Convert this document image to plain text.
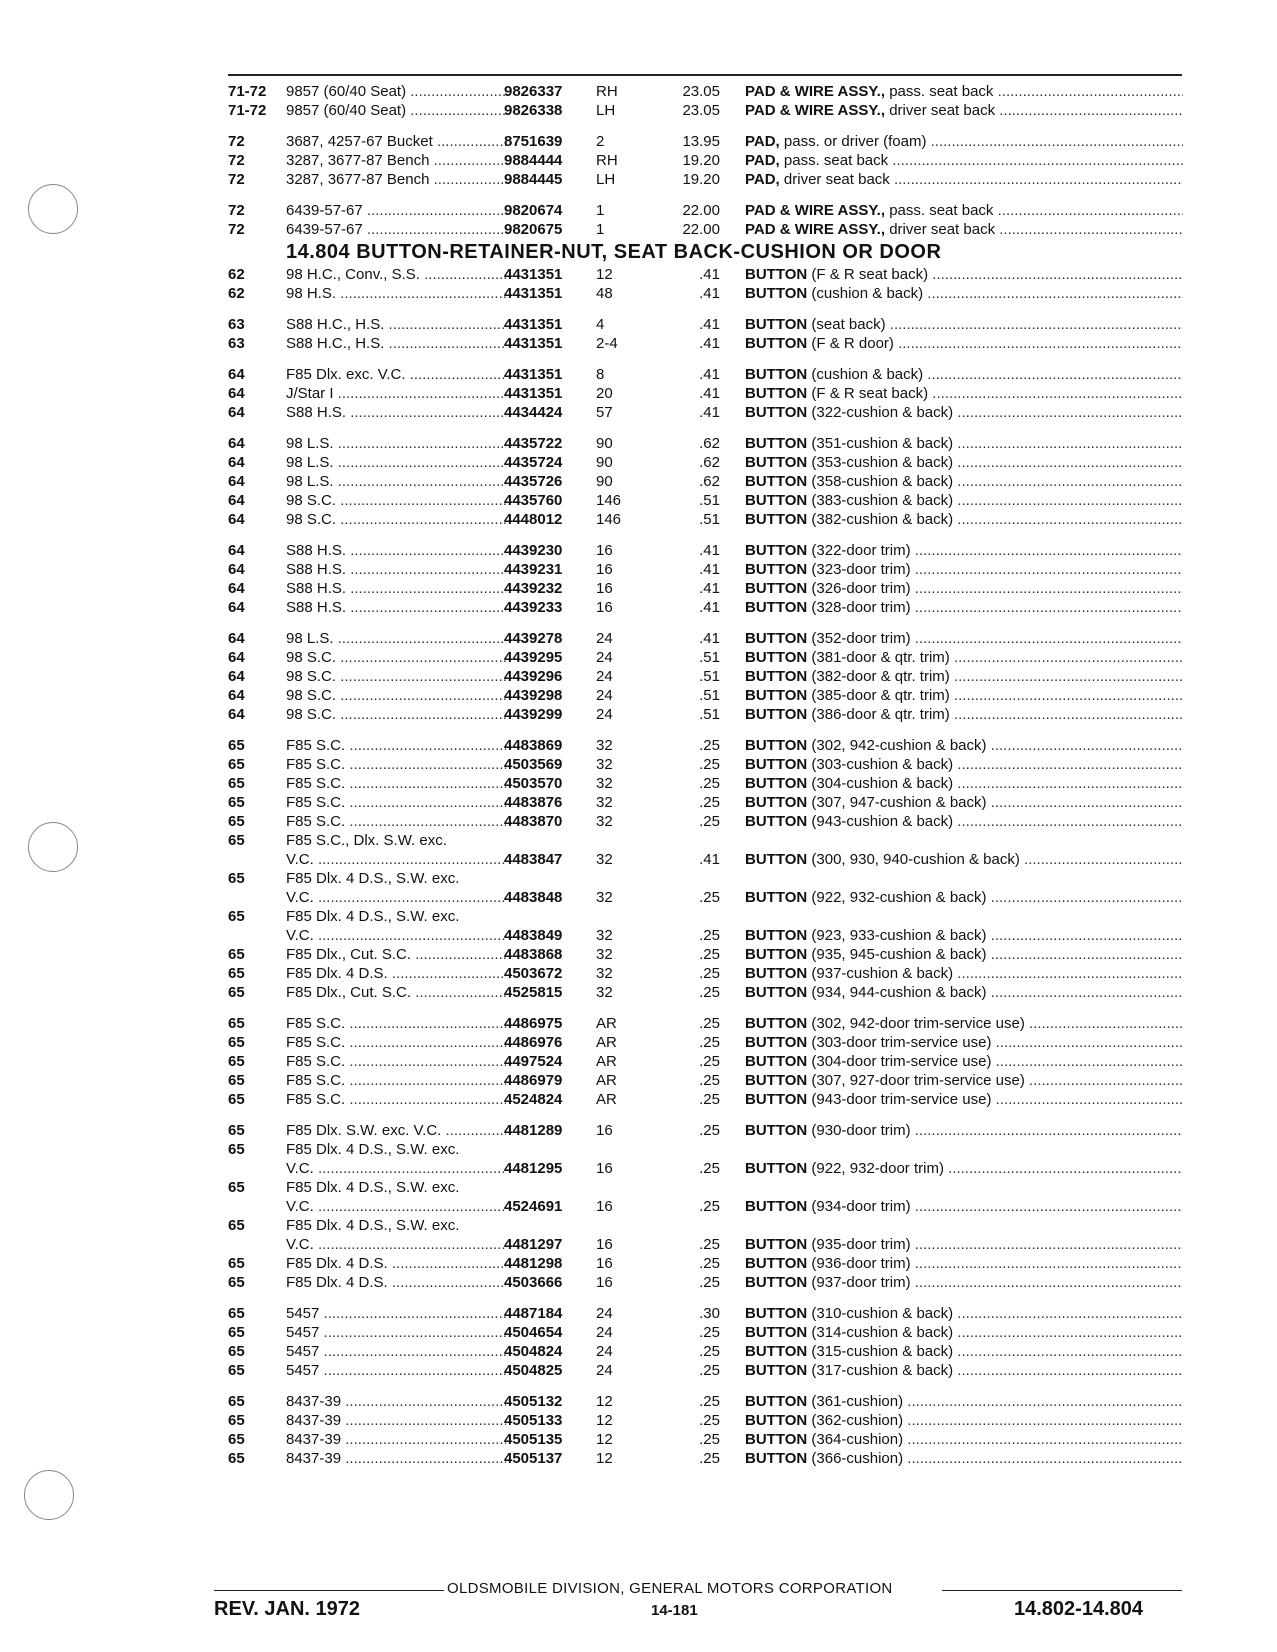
71-72 9857 (60/40 Seat) .....	9826337 RH	23.05 PAD & WIRE ASSY., pass. seat back .....
71-72 9857 (60/40 Seat) .....	9826338 LH	23.05 PAD & WIRE ASSY., driver seat back .....
72	3687, 4257-67 Bucket .....	8751639 2	13.95 PAD, pass. or driver (foam) .....
72	3287, 3677-87 Bench .....	9884444 RH	19.20 PAD, pass. seat back .....
72	3287, 3677-87 Bench .....	9884445 LH	19.20 PAD, driver seat back .....
72	6439-57-67 .....	9820674 1	22.00 PAD & WIRE ASSY., pass. seat back .....
72	6439-57-67 .....	9820675 1	22.00 PAD & WIRE ASSY., driver seat back .....
14.804 BUTTON-RETAINER-NUT, SEAT BACK-CUSHION OR DOOR
62	98 H.C., Conv., S.S. .....	4431351 12	.41 BUTTON (F & R seat back) .....
62	98 H.S. .....	4431351 48	.41 BUTTON (cushion & back) .....
63	S88 H.C., H.S. .....	4431351 4	.41 BUTTON (seat back) .....
63	S88 H.C., H.S. .....	4431351 2-4	.41 BUTTON (F & R door) .....
64	F85 Dlx. exc. V.C. .....	4431351 8	.41 BUTTON (cushion & back) .....
64	J/Star I .....	4431351 20	.41 BUTTON (F & R seat back) .....
64	S88 H.S. .....	4434424 57	.41 BUTTON (322-cushion & back) .....
64	98 L.S. .....	4435722 90	.62 BUTTON (351-cushion & back) .....
64	98 L.S. .....	4435724 90	.62 BUTTON (353-cushion & back) .....
64	98 L.S. .....	4435726 90	.62 BUTTON (358-cushion & back) .....
64	98 S.C. .....	4435760 146	.51 BUTTON (383-cushion & back) .....
64	98 S.C. .....	4448012 146	.51 BUTTON (382-cushion & back) .....
64	S88 H.S. .....	4439230 16	.41 BUTTON (322-door trim) .....
64	S88 H.S. .....	4439231 16	.41 BUTTON (323-door trim) .....
64	S88 H.S. .....	4439232 16	.41 BUTTON (326-door trim) .....
64	S88 H.S. .....	4439233 16	.41 BUTTON (328-door trim) .....
64	98 L.S. .....	4439278 24	.41 BUTTON (352-door trim) .....
64	98 S.C. .....	4439295 24	.51 BUTTON (381-door & qtr. trim) .....
64	98 S.C. .....	4439296 24	.51 BUTTON (382-door & qtr. trim) .....
64	98 S.C. .....	4439298 24	.51 BUTTON (385-door & qtr. trim) .....
64	98 S.C. .....	4439299 24	.51 BUTTON (386-door & qtr. trim) .....
65	F85 S.C. .....	4483869 32	.25 BUTTON (302, 942-cushion & back) .....
65	F85 S.C. .....	4503569 32	.25 BUTTON (303-cushion & back) .....
65	F85 S.C. .....	4503570 32	.25 BUTTON (304-cushion & back) .....
65	F85 S.C. .....	4483876 32	.25 BUTTON (307, 947-cushion & back) .....
65	F85 S.C. .....	4483870 32	.25 BUTTON (943-cushion & back) .....
65	F85 S.C., Dlx. S.W. exc.
V.C. .....	4483847 32	.41 BUTTON (300, 930, 940-cushion & back) .....
65	F85 Dlx. 4 D.S., S.W. exc.
V.C. .....	4483848 32	.25 BUTTON (922, 932-cushion & back) .....
65	F85 Dlx. 4 D.S., S.W. exc.
V.C. .....	4483849 32	.25 BUTTON (923, 933-cushion & back) .....
65	F85 Dlx., Cut. S.C. .....	4483868 32	.25 BUTTON (935, 945-cushion & back) .....
65	F85 Dlx. 4 D.S. .....	4503672 32	.25 BUTTON (937-cushion & back) .....
65	F85 Dlx., Cut. S.C. .....	4525815 32	.25 BUTTON (934, 944-cushion & back) .....
65	F85 S.C. .....	4486975 AR	.25 BUTTON (302, 942-door trim-service use) .....
65	F85 S.C. .....	4486976 AR	.25 BUTTON (303-door trim-service use) .....
65	F85 S.C. .....	4497524 AR	.25 BUTTON (304-door trim-service use) .....
65	F85 S.C. .....	4486979 AR	.25 BUTTON (307, 927-door trim-service use) .....
65	F85 S.C. .....	4524824 AR	.25 BUTTON (943-door trim-service use) .....
65	F85 Dlx. S.W. exc. V.C. .....	4481289 16	.25 BUTTON (930-door trim) .....
65	F85 Dlx. 4 D.S., S.W. exc.
V.C. .....	4481295 16	.25 BUTTON (922, 932-door trim) .....
65	F85 Dlx. 4 D.S., S.W. exc.
V.C. .....	4524691 16	.25 BUTTON (934-door trim) .....
65	F85 Dlx. 4 D.S., S.W. exc.
V.C. .....	4481297 16	.25 BUTTON (935-door trim) .....
65	F85 Dlx. 4 D.S. .....	4481298 16	.25 BUTTON (936-door trim) .....
65	F85 Dlx. 4 D.S. .....	4503666 16	.25 BUTTON (937-door trim) .....
65	5457 .....	4487184 24	.30 BUTTON (310-cushion & back) .....
65	5457 .....	4504654 24	.25 BUTTON (314-cushion & back) .....
65	5457 .....	4504824 24	.25 BUTTON (315-cushion & back) .....
65	5457 .....	4504825 24	.25 BUTTON (317-cushion & back) .....
65	8437-39 .....	4505132 12	.25 BUTTON (361-cushion) .....
65	8437-39 .....	4505133 12	.25 BUTTON (362-cushion) .....
65	8437-39 .....	4505135 12	.25 BUTTON (364-cushion) .....
65	8437-39 .....	4505137 12	.25 BUTTON (366-cushion) .....
OLDSMOBILE DIVISION, GENERAL MOTORS CORPORATION
REV. JAN. 1972	14-181	14.802-14.804
